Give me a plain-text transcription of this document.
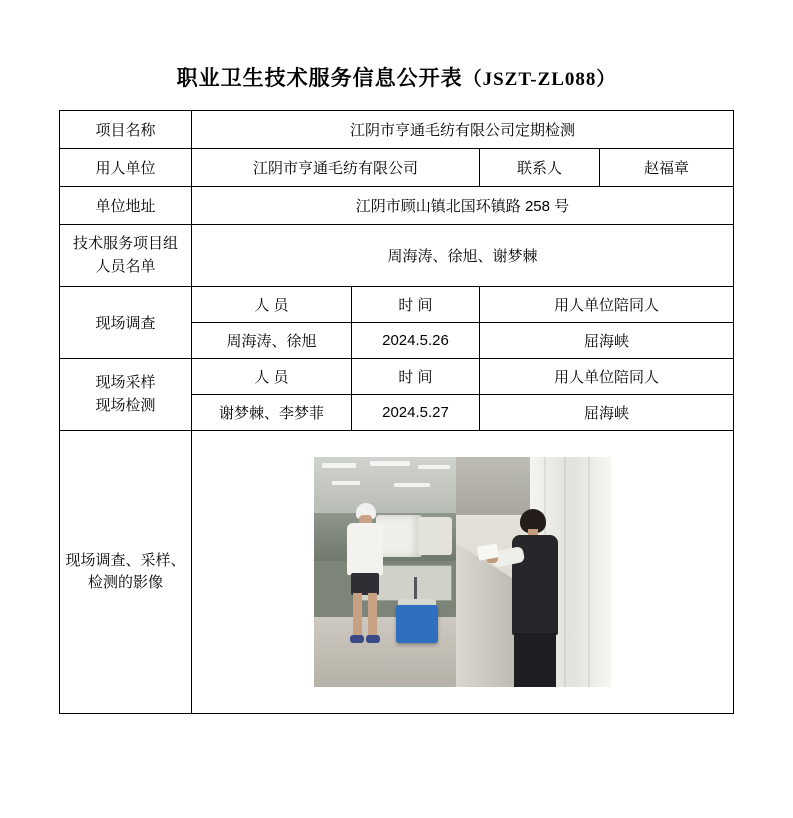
职业卫生技术服务信息公开表（JSZT-ZL088）
项目名称	江阴市亨通毛纺有限公司定期检测			
用人单位	江阴市亨通毛纺有限公司		联系人	赵福章
单位地址	江阴市顾山镇北国环镇路 258 号			

技术服务项目组
人员名单	周海涛、徐旭、谢梦棘			
现场调查	人 员	时 间	用人单位陪同人	
	周海涛、徐旭	2024.5.26	屈海峡	

现场采样
现场检测	人 员	时 间	用人单位陪同人	
	谢梦棘、李梦菲	2024.5.27	屈海峡	

现场调查、采样、
检测的影像				
